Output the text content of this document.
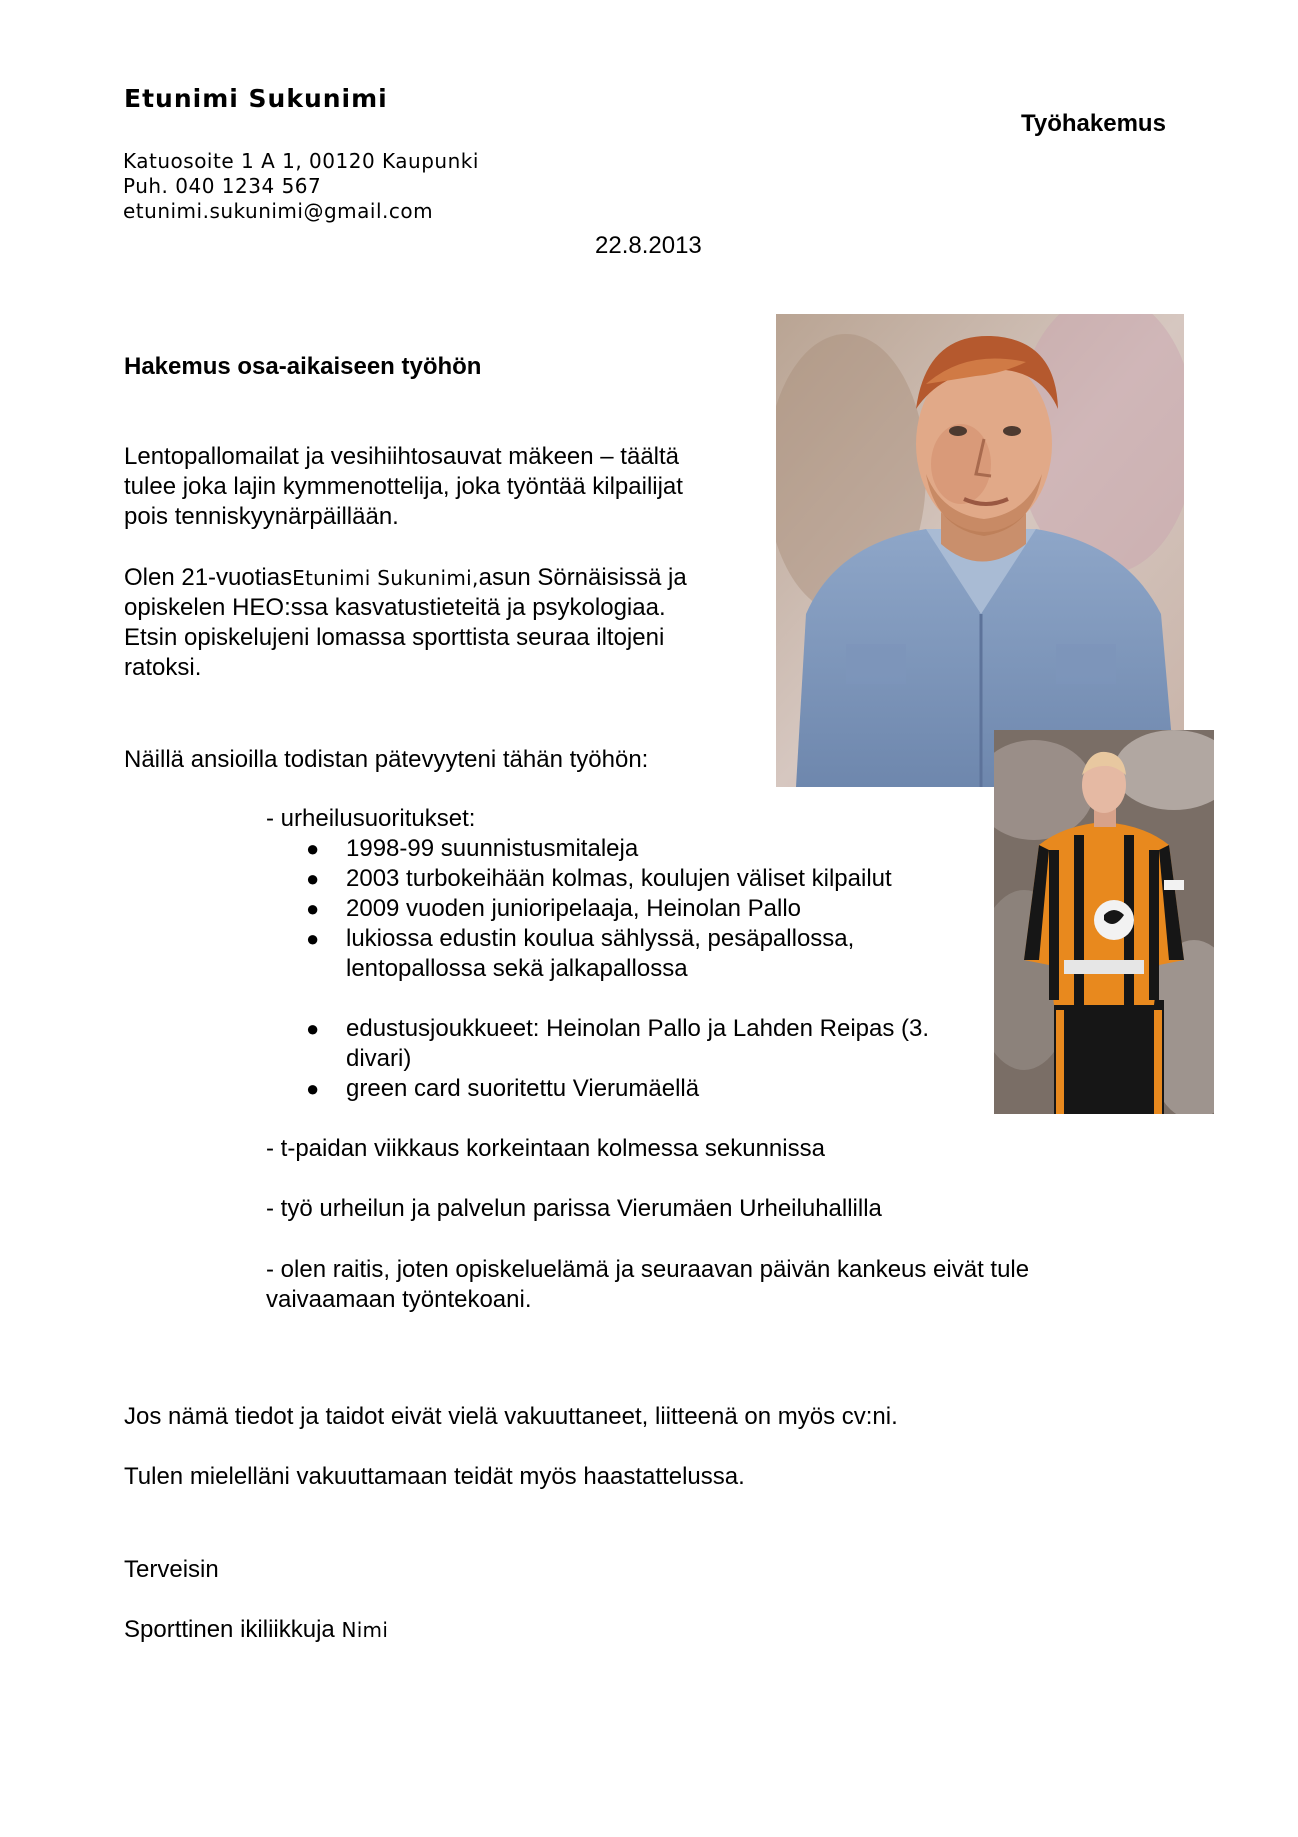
Etunimi Sukunimi

Työhakemus

Katuosoite 1 A 1, 00120 Kaupunki

Puh. 040 1234 567

etunimi.sukunimi@gmail.com

22.8.2013

Hakemus osa-aikaiseen työhön

Lentopallomailat ja vesihiihtosauvat mäkeen – täältä
tulee joka lajin kymmenottelija, joka työntää kilpailijat
pois tenniskyynärpäillään.

Olen 21-vuotiasEtunimi Sukunimi,asun Sörnäisissä ja
opiskelen HEO:ssa kasvatustieteitä ja psykologiaa.
Etsin opiskelujeni lomassa sporttista seuraa iltojeni
ratoksi.

Näillä ansioilla todistan pätevyyteni tähän työhön:

- urheilusuoritukset:

● 1998-99 suunnistusmitaleja

● 2003 turbokeihään kolmas, koulujen väliset kilpailut

● 2009 vuoden junioripelaaja, Heinolan Pallo

● lukiossa edustin koulua sählyssä, pesäpallossa,

lentopallossa sekä jalkapallossa

● edustusjoukkueet: Heinolan Pallo ja Lahden Reipas (3.

divari)

● green card suoritettu Vierumäellä

- t-paidan viikkaus korkeintaan kolmessa sekunnissa

- työ urheilun ja palvelun parissa Vierumäen Urheiluhallilla

- olen raitis, joten opiskeluelämä ja seuraavan päivän kankeus eivät tule

vaivaamaan työntekoani.

Jos nämä tiedot ja taidot eivät vielä vakuuttaneet, liitteenä on myös cv:ni.

Tulen mielelläni vakuuttamaan teidät myös haastattelussa.

Terveisin

Sporttinen ikiliikkuja Nimi
